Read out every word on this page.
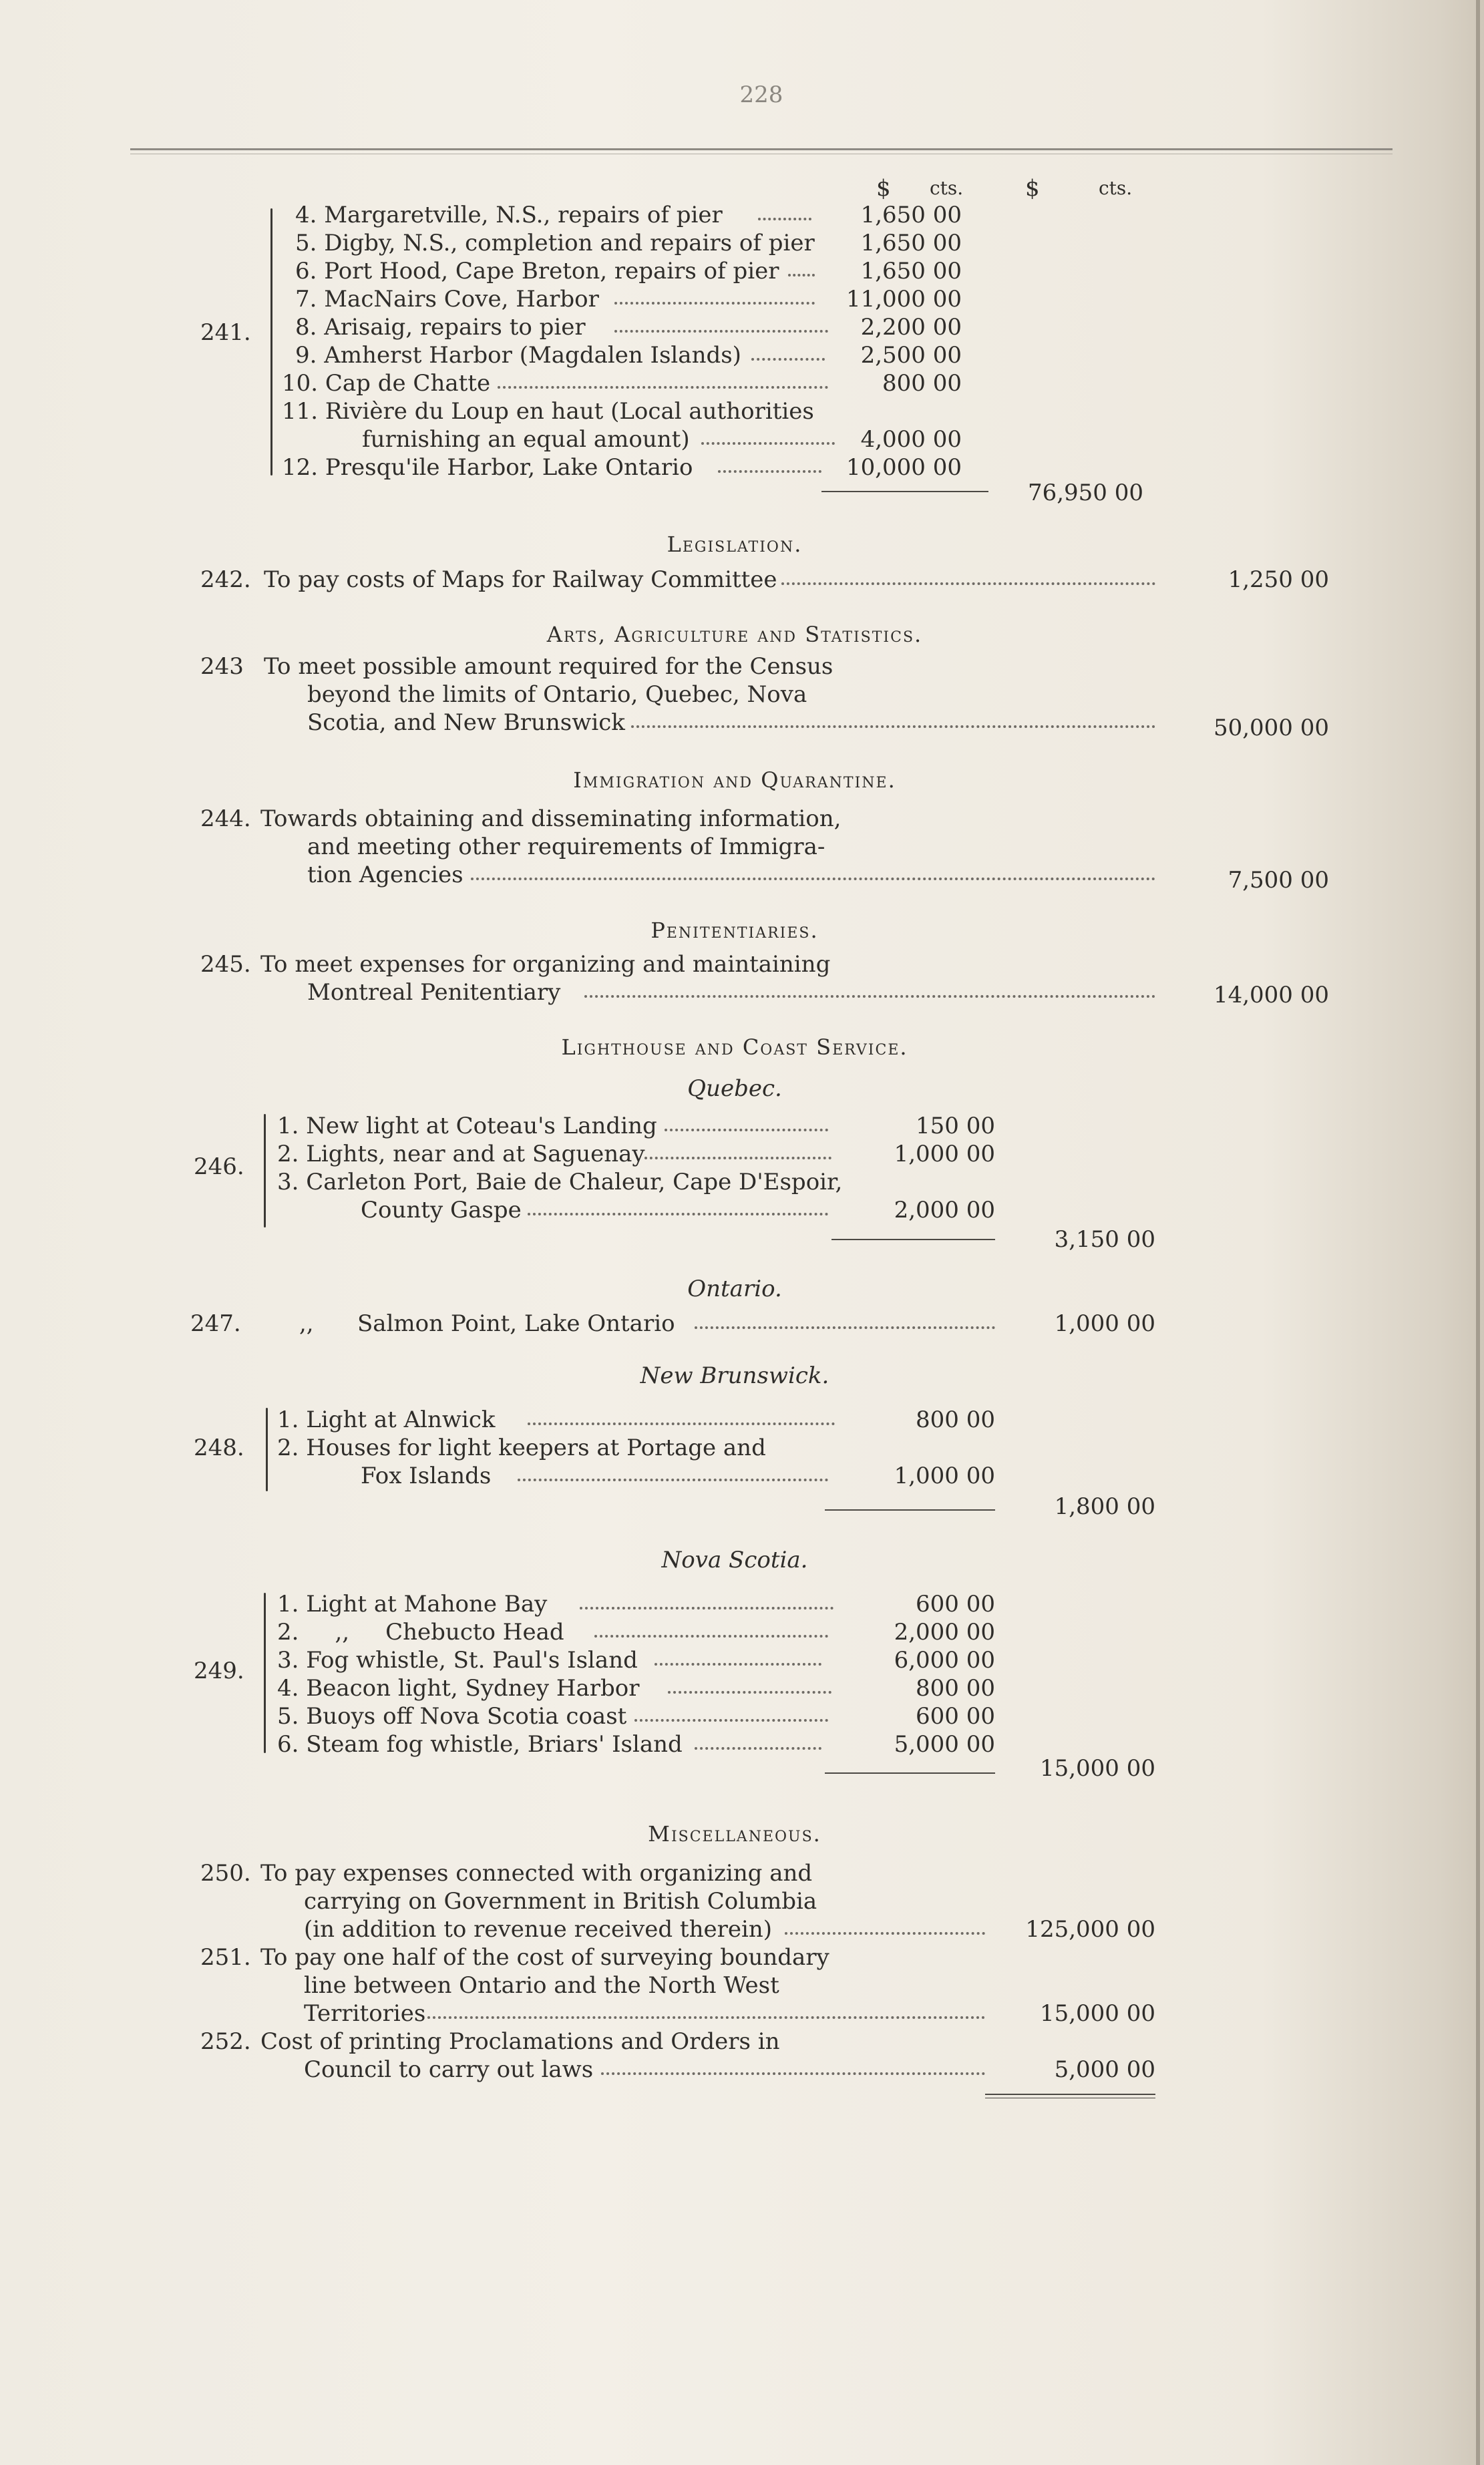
228
$ cts.	$	cts.
241.
4. Margaretville, N.S., repairs of pier	1,650 00
5. Digby, N.S., completion and repairs of pier	1,650 00
6. Port Hood, Cape Breton, repairs of pier	1,650 00
7. MacNairs Cove, Harbor	11,000 00
8. Arisaig, repairs to pier	2,200 00
9. Amherst Harbor (Magdalen Islands)	2,500 00
10. Cap de Chatte	800 00
11. Rivière du Loup en haut (Local authorities
furnishing an equal amount)	4,000 00
12. Presqu'ile Harbor, Lake Ontario	10,000 00
76,950 00
Legislation.
242. To pay costs of Maps for Railway Committee	1,250 00
Arts, Agriculture and Statistics.
243 To meet possible amount required for the Census
beyond the limits of Ontario, Quebec, Nova
Scotia, and New Brunswick	50,000 00
Immigration and Quarantine.
244. Towards obtaining and disseminating information,
and meeting other requirements of Immigra-
tion Agencies	7,500 00
Penitentiaries.
245. To meet expenses for organizing and maintaining
Montreal Penitentiary	14,000 00
Lighthouse and Coast Service.
Quebec.
246.
1. New light at Coteau's Landing	150 00
2. Lights, near and at Saguenay	1,000 00
3. Carleton Port, Baie de Chaleur, Cape D'Espoir,
County Gaspe	2,000 00
3,150 00
Ontario.
247.	,, Salmon Point, Lake Ontario	1,000 00
New Brunswick.
248.
1. Light at Alnwick	800 00
2. Houses for light keepers at Portage and
Fox Islands	1,000 00
1,800 00
Nova Scotia.
249.
1. Light at Mahone Bay	600 00
2.     ,,     Chebucto Head	2,000 00
3. Fog whistle, St. Paul's Island	6,000 00
4. Beacon light, Sydney Harbor	800 00
5. Buoys off Nova Scotia coast	600 00
6. Steam fog whistle, Briars' Island	5,000 00
15,000 00
Miscellaneous.
250. To pay expenses connected with organizing and
carrying on Government in British Columbia
(in addition to revenue received therein)	125,000 00
251. To pay one half of the cost of surveying boundary
line between Ontario and the North West
Territories	15,000 00
252. Cost of printing Proclamations and Orders in
Council to carry out laws	5,000 00
